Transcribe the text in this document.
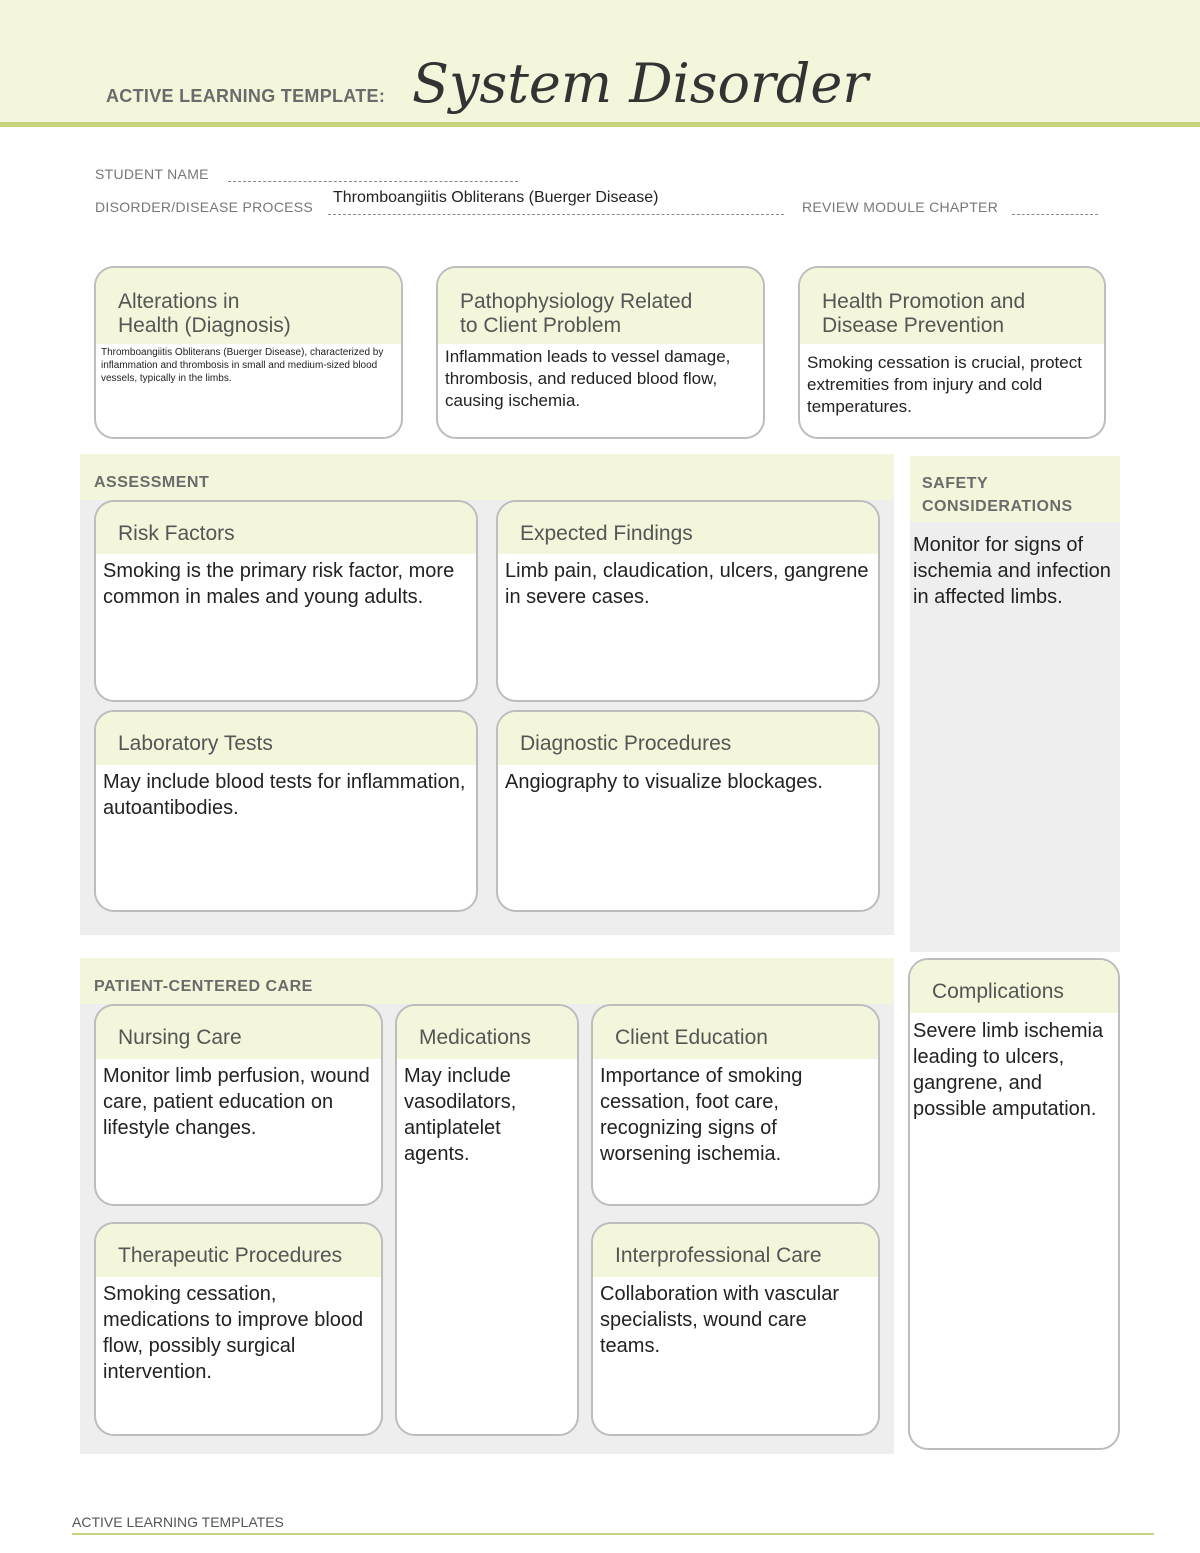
ACTIVE LEARNING TEMPLATE: System Disorder
STUDENT NAME
DISORDER/DISEASE PROCESS
Thromboangiitis Obliterans (Buerger Disease)
REVIEW MODULE CHAPTER
Alterations in
Health (Diagnosis)
Thromboangiitis Obliterans (Buerger Disease), characterized by inflammation and thrombosis in small and medium-sized blood vessels, typically in the limbs.
Pathophysiology Related
to Client Problem
Inflammation leads to vessel damage, thrombosis, and reduced blood flow, causing ischemia.
Health Promotion and
Disease Prevention
Smoking cessation is crucial, protect extremities from injury and cold temperatures.
ASSESSMENT
Risk Factors
Smoking is the primary risk factor, more common in males and young adults.
Expected Findings
Limb pain, claudication, ulcers, gangrene in severe cases.
Laboratory Tests
May include blood tests for inflammation, autoantibodies.
Diagnostic Procedures
Angiography to visualize blockages.
SAFETY
CONSIDERATIONS
Monitor for signs of ischemia and infection in affected limbs.
PATIENT-CENTERED CARE
Nursing Care
Monitor limb perfusion, wound care, patient education on lifestyle changes.
Medications
May include vasodilators, antiplatelet agents.
Client Education
Importance of smoking cessation, foot care, recognizing signs of worsening ischemia.
Therapeutic Procedures
Smoking cessation, medications to improve blood flow, possibly surgical intervention.
Interprofessional Care
Collaboration with vascular specialists, wound care teams.
Complications
Severe limb ischemia leading to ulcers, gangrene, and possible amputation.
ACTIVE LEARNING TEMPLATES
